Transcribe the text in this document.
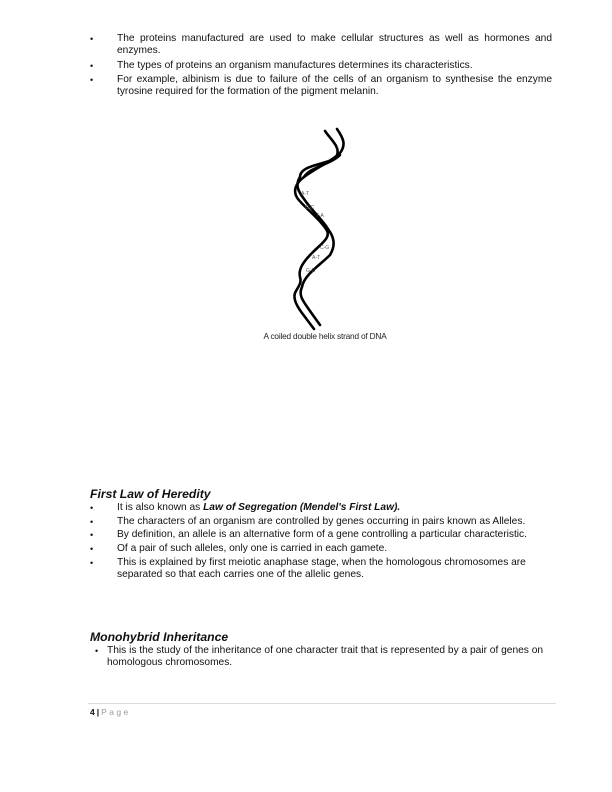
• The proteins manufactured are used to make cellular structures as well as hormones and enzymes.
• The types of proteins an organism manufactures determines its characteristics.
• For example, albinism is due to failure of the cells of an organism to synthesise the enzyme tyrosine required for the formation of the pigment melanin.
A-T
G-C
T-A
C-G
A-T
G-C
A coiled double helix strand of DNA
First Law of Heredity
• It is also known as Law of Segregation (Mendel's First Law).
• The characters of an organism are controlled by genes occurring in pairs known as Alleles.
• By definition, an allele is an alternative form of a gene controlling a particular characteristic.
• Of a pair of such alleles, only one is carried in each gamete.
• This is explained by first meiotic anaphase stage, when the homologous chromosomes are separated so that each carries one of the allelic genes.
Monohybrid Inheritance
• This is the study of the inheritance of one character trait that is represented by a pair of genes on homologous chromosomes.
4 | Page
